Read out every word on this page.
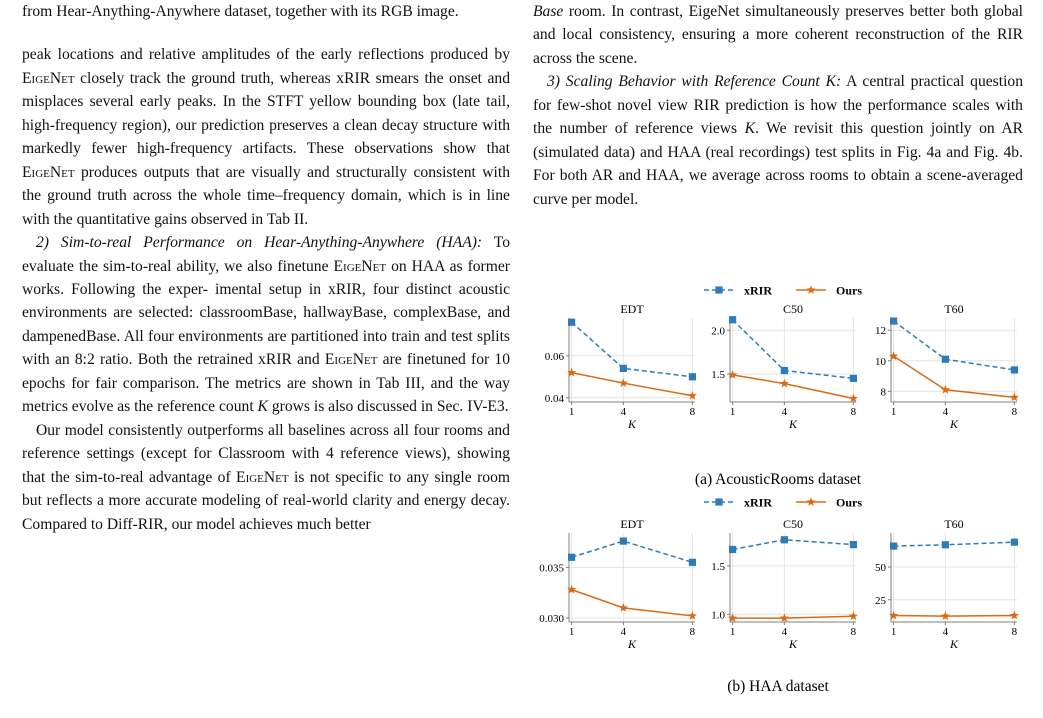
from Hear-Anything-Anywhere dataset, together with its RGB image.

peak locations and relative amplitudes of the early reflections produced by EigeNet closely track the ground truth, whereas xRIR smears the onset and misplaces several early peaks. In the STFT yellow bounding box (late tail, high-frequency region), our prediction preserves a clean decay structure with markedly fewer high-frequency artifacts. These observations show that EigeNet produces outputs that are visually and structurally consistent with the ground truth across the whole time–frequency domain, which is in line with the quantitative gains observed in Tab II.

2) Sim-to-real Performance on Hear-Anything-Anywhere (HAA): To evaluate the sim-to-real ability, we also finetune EigeNet on HAA as former works. Following the exper- imental setup in xRIR, four distinct acoustic environments are selected: classroomBase, hallwayBase, complexBase, and dampenedBase. All four environments are partitioned into train and test splits with an 8:2 ratio. Both the retrained xRIR and EigeNet are finetuned for 10 epochs for fair comparison. The metrics are shown in Tab III, and the way metrics evolve as the reference count K grows is also discussed in Sec. IV-E3.

Our model consistently outperforms all baselines across all four rooms and reference settings (except for Classroom with 4 reference views), showing that the sim-to-real advantage of EigeNet is not specific to any single room but reflects a more accurate modeling of real-world clarity and energy decay. Compared to Diff-RIR, our model achieves much better

Base room. In contrast, EigeNet simultaneously preserves better both global and local consistency, ensuring a more coherent reconstruction of the RIR across the scene.

3) Scaling Behavior with Reference Count K: A central practical question for few-shot novel view RIR prediction is how the performance scales with the number of reference views K. We revisit this question jointly on AR (simulated data) and HAA (real recordings) test splits in Fig. 4a and Fig. 4b. For both AR and HAA, we average across rooms to obtain a scene-averaged curve per model.

xRIR	Ours
xRIR	Ours
EDT
1	4	8
K
0.04
0.06
C50
1	4	8
K
1.5
2.0
T60
1	4	8
K
8
10
12
EDT
1	4	8
K
0.030
0.035
C50
1	4	8
K
1.0
1.5
T60
1	4	8
K
25
50
(a) AcousticRooms dataset
(b) HAA dataset
